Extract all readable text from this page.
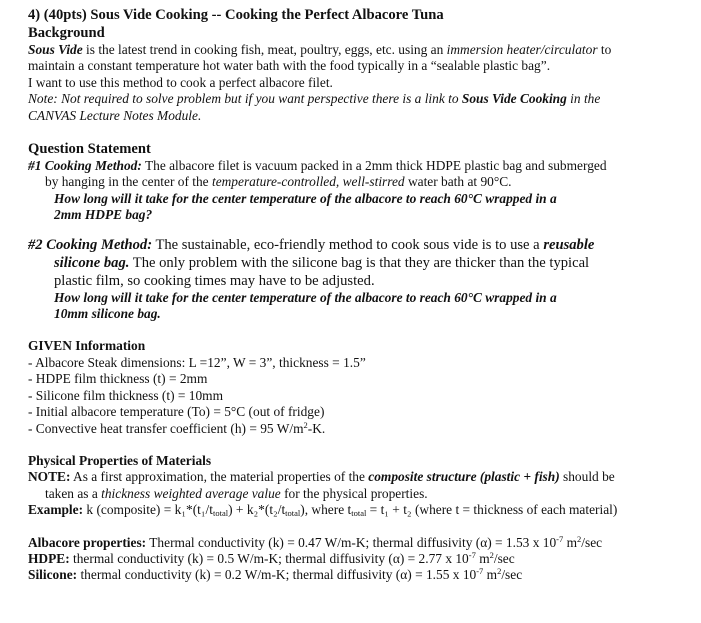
4) (40pts) Sous Vide Cooking -- Cooking the Perfect Albacore Tuna
Background
Sous Vide is the latest trend in cooking fish, meat, poultry, eggs, etc. using an immersion heater/circulator to
maintain a constant temperature hot water bath with the food typically in a “sealable plastic bag”.
I want to use this method to cook a perfect albacore filet.
Note: Not required to solve problem but if you want perspective there is a link to Sous Vide Cooking in the
CANVAS Lecture Notes Module.
Question Statement
#1 Cooking Method: The albacore filet is vacuum packed in a 2mm thick HDPE plastic bag and submerged
by hanging in the center of the temperature-controlled, well-stirred water bath at 90°C.
How long will it take for the center temperature of the albacore to reach 60°C wrapped in a
2mm HDPE bag?
#2 Cooking Method: The sustainable, eco-friendly method to cook sous vide is to use a reusable
silicone bag. The only problem with the silicone bag is that they are thicker than the typical
plastic film, so cooking times may have to be adjusted.
How long will it take for the center temperature of the albacore to reach 60°C wrapped in a
10mm silicone bag.
GIVEN Information
- Albacore Steak dimensions: L =12”, W = 3”, thickness = 1.5”
- HDPE film thickness (t) = 2mm
- Silicone film thickness (t) = 10mm
- Initial albacore temperature (To) = 5°C (out of fridge)
- Convective heat transfer coefficient (h) = 95 $W/m^2-K$.
Physical Properties of Materials
NOTE: As a first approximation, the material properties of the composite structure (plastic + fish) should be
taken as a thickness weighted average value for the physical properties.
Example: k (composite) = $k_1*(t_1/t_{total}) + k_2*(t_2/t_{total})$, where $t_{total} = t_1 + t_2$ (where t = thickness of each material)
Albacore properties: Thermal conductivity (k) = 0.47 W/m-K; thermal diffusivity (α) = 1.53 x $10^{-7}$ $m^2/\sec$
HDPE: thermal conductivity (k) = 0.5 W/m-K; thermal diffusivity (α) = 2.77 x $10^{-7}$ $m^2/\sec$
Silicone: thermal conductivity (k) = 0.2 W/m-K; thermal diffusivity (α) = 1.55 x $10^{-7}$ $m^2/\sec$
